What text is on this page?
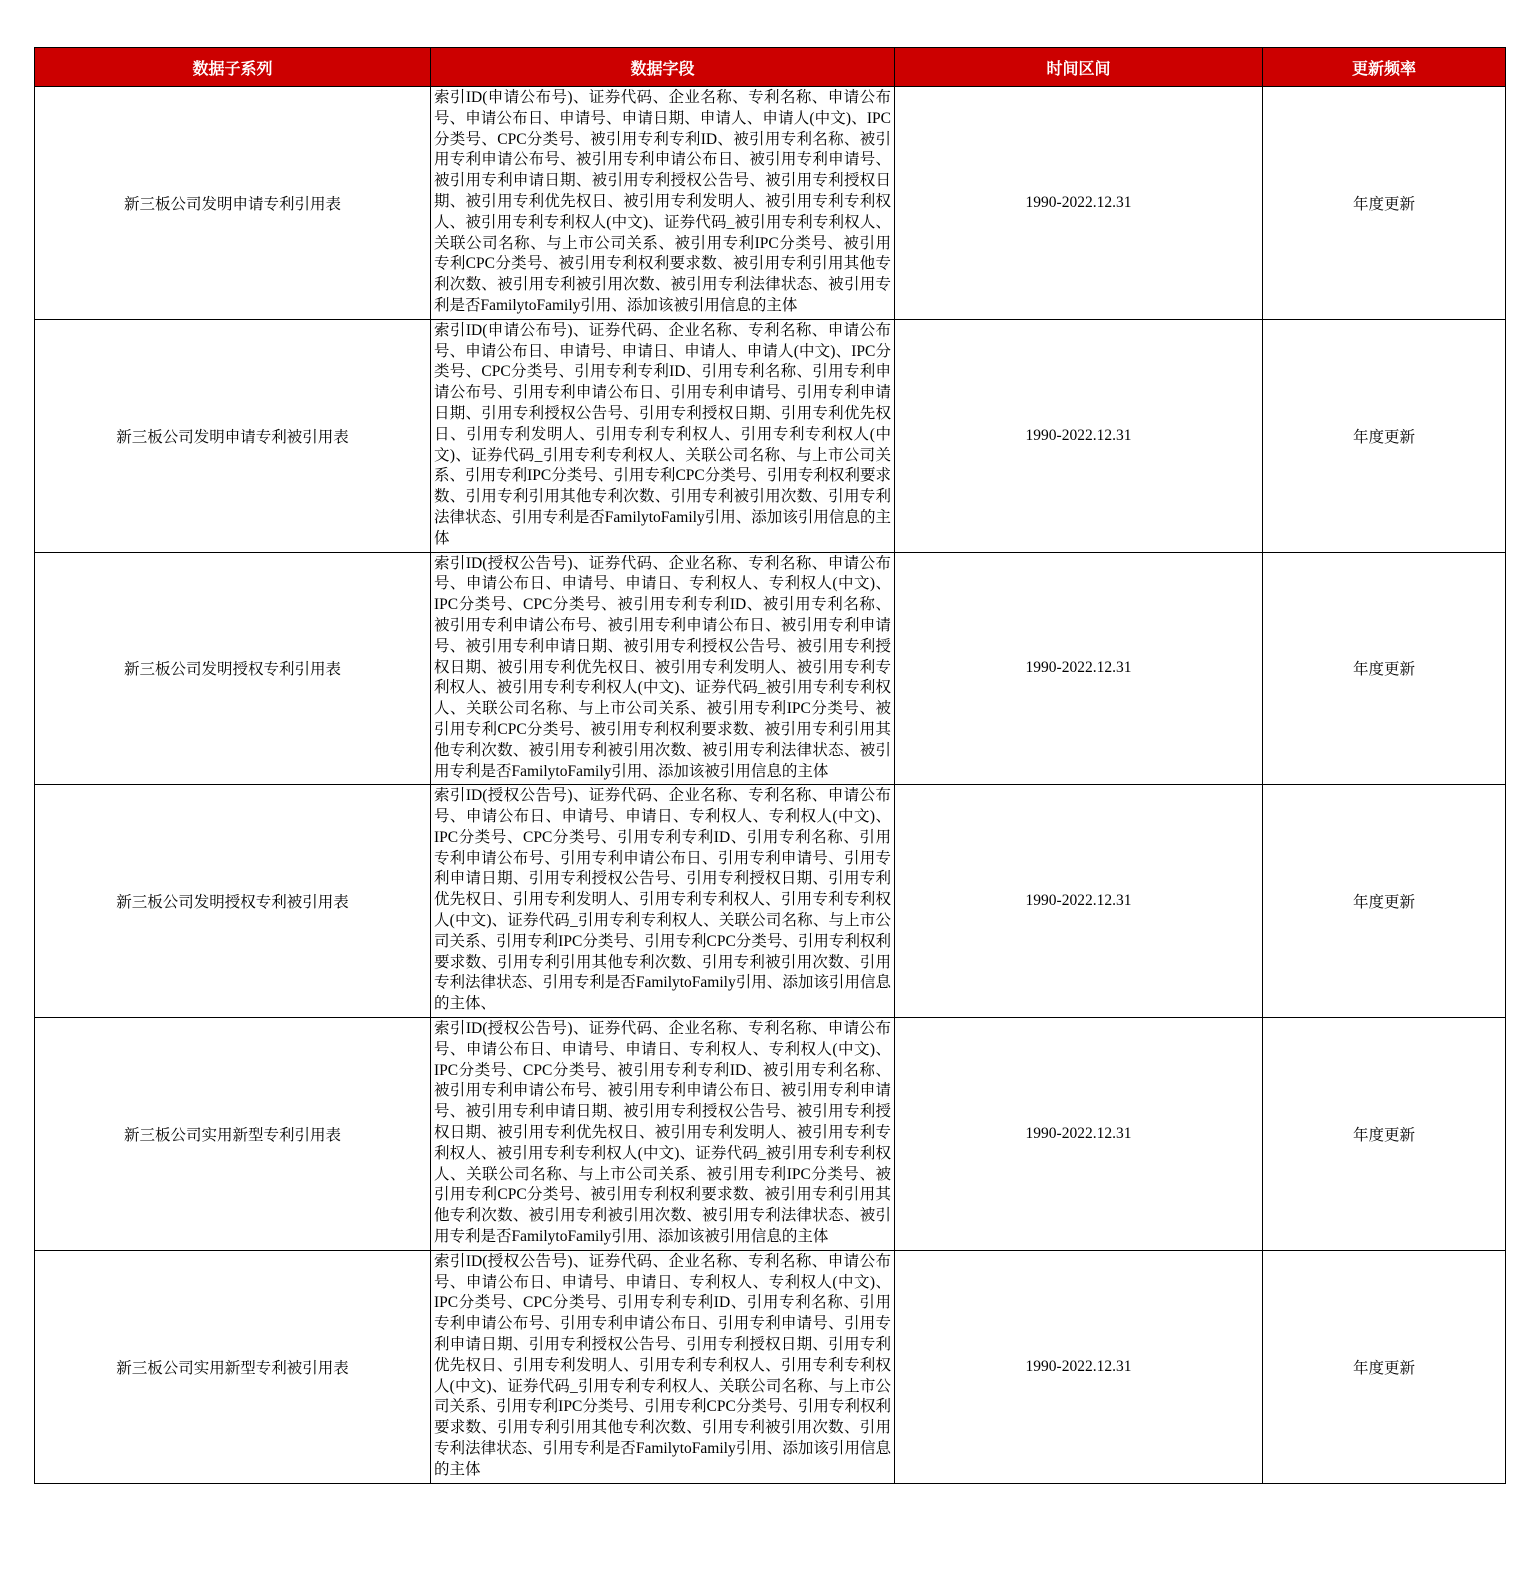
数据子系列	数据字段	时间区间	更新频率
新三板公司发明申请专利引用表	索引ID(申请公布号)、证券代码、企业名称、专利名称、申请公布号、申请公布日、申请号、申请日期、申请人、申请人(中文)、IPC分类号、CPC分类号、被引用专利专利ID、被引用专利名称、被引用专利申请公布号、被引用专利申请公布日、被引用专利申请号、被引用专利申请日期、被引用专利授权公告号、被引用专利授权日期、被引用专利优先权日、被引用专利发明人、被引用专利专利权人、被引用专利专利权人(中文)、证券代码_被引用专利专利权人、关联公司名称、与上市公司关系、被引用专利IPC分类号、被引用专利CPC分类号、被引用专利权利要求数、被引用专利引用其他专利次数、被引用专利被引用次数、被引用专利法律状态、被引用专利是否FamilytoFamily引用、添加该被引用信息的主体	1990-2022.12.31	年度更新
新三板公司发明申请专利被引用表	索引ID(申请公布号)、证券代码、企业名称、专利名称、申请公布号、申请公布日、申请号、申请日、申请人、申请人(中文)、IPC分类号、CPC分类号、引用专利专利ID、引用专利名称、引用专利申请公布号、引用专利申请公布日、引用专利申请号、引用专利申请日期、引用专利授权公告号、引用专利授权日期、引用专利优先权日、引用专利发明人、引用专利专利权人、引用专利专利权人(中文)、证券代码_引用专利专利权人、关联公司名称、与上市公司关系、引用专利IPC分类号、引用专利CPC分类号、引用专利权利要求数、引用专利引用其他专利次数、引用专利被引用次数、引用专利法律状态、引用专利是否FamilytoFamily引用、添加该引用信息的主体	1990-2022.12.31	年度更新
新三板公司发明授权专利引用表	索引ID(授权公告号)、证券代码、企业名称、专利名称、申请公布号、申请公布日、申请号、申请日、专利权人、专利权人(中文)、IPC分类号、CPC分类号、被引用专利专利ID、被引用专利名称、被引用专利申请公布号、被引用专利申请公布日、被引用专利申请号、被引用专利申请日期、被引用专利授权公告号、被引用专利授权日期、被引用专利优先权日、被引用专利发明人、被引用专利专利权人、被引用专利专利权人(中文)、证券代码_被引用专利专利权人、关联公司名称、与上市公司关系、被引用专利IPC分类号、被引用专利CPC分类号、被引用专利权利要求数、被引用专利引用其他专利次数、被引用专利被引用次数、被引用专利法律状态、被引用专利是否FamilytoFamily引用、添加该被引用信息的主体	1990-2022.12.31	年度更新
新三板公司发明授权专利被引用表	索引ID(授权公告号)、证券代码、企业名称、专利名称、申请公布号、申请公布日、申请号、申请日、专利权人、专利权人(中文)、IPC分类号、CPC分类号、引用专利专利ID、引用专利名称、引用专利申请公布号、引用专利申请公布日、引用专利申请号、引用专利申请日期、引用专利授权公告号、引用专利授权日期、引用专利优先权日、引用专利发明人、引用专利专利权人、引用专利专利权人(中文)、证券代码_引用专利专利权人、关联公司名称、与上市公司关系、引用专利IPC分类号、引用专利CPC分类号、引用专利权利要求数、引用专利引用其他专利次数、引用专利被引用次数、引用专利法律状态、引用专利是否FamilytoFamily引用、添加该引用信息的主体、	1990-2022.12.31	年度更新
新三板公司实用新型专利引用表	索引ID(授权公告号)、证券代码、企业名称、专利名称、申请公布号、申请公布日、申请号、申请日、专利权人、专利权人(中文)、IPC分类号、CPC分类号、被引用专利专利ID、被引用专利名称、被引用专利申请公布号、被引用专利申请公布日、被引用专利申请号、被引用专利申请日期、被引用专利授权公告号、被引用专利授权日期、被引用专利优先权日、被引用专利发明人、被引用专利专利权人、被引用专利专利权人(中文)、证券代码_被引用专利专利权人、关联公司名称、与上市公司关系、被引用专利IPC分类号、被引用专利CPC分类号、被引用专利权利要求数、被引用专利引用其他专利次数、被引用专利被引用次数、被引用专利法律状态、被引用专利是否FamilytoFamily引用、添加该被引用信息的主体	1990-2022.12.31	年度更新
新三板公司实用新型专利被引用表	索引ID(授权公告号)、证券代码、企业名称、专利名称、申请公布号、申请公布日、申请号、申请日、专利权人、专利权人(中文)、IPC分类号、CPC分类号、引用专利专利ID、引用专利名称、引用专利申请公布号、引用专利申请公布日、引用专利申请号、引用专利申请日期、引用专利授权公告号、引用专利授权日期、引用专利优先权日、引用专利发明人、引用专利专利权人、引用专利专利权人(中文)、证券代码_引用专利专利权人、关联公司名称、与上市公司关系、引用专利IPC分类号、引用专利CPC分类号、引用专利权利要求数、引用专利引用其他专利次数、引用专利被引用次数、引用专利法律状态、引用专利是否FamilytoFamily引用、添加该引用信息的主体	1990-2022.12.31	年度更新
